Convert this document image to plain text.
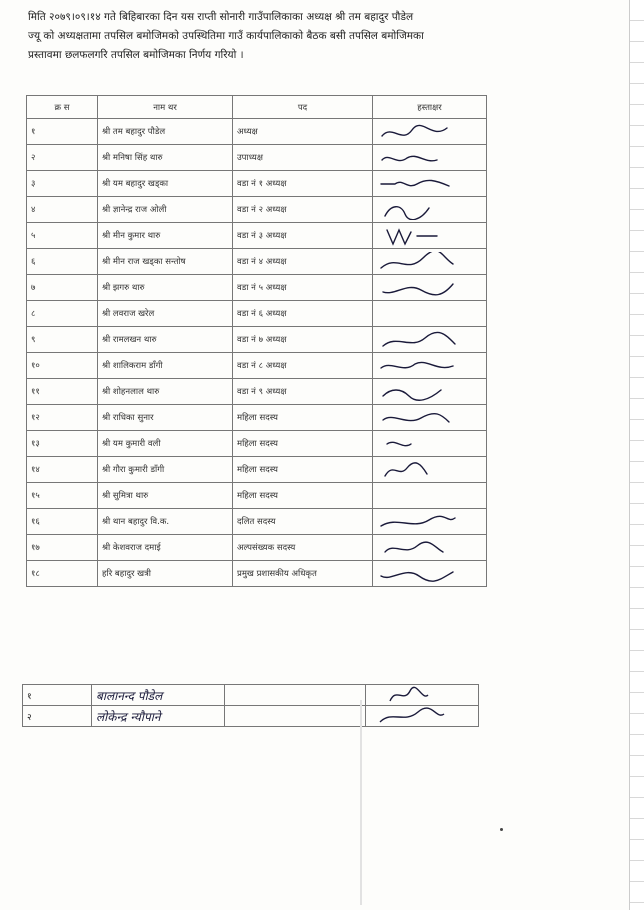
मिति २०७९।०९।१४ गते बिहिबारका दिन यस राप्ती सोनारी गाउँपालिकाका अध्यक्ष श्री तम बहादुर पौडेल
ज्यू को अध्यक्षतामा तपसिल बमोजिमको उपस्थितिमा गाउँ कार्यपालिकाको बैठक बसी तपसिल बमोजिमका
प्रस्तावमा छलफलगरि तपसिल बमोजिमका निर्णय गरियो ।
क्र स	नाम थर	पद	हस्ताक्षर
१	श्री तम बहादुर पौडेल	अध्यक्ष	

२	श्री मनिषा सिंह थारु	उपाध्यक्ष	

३	श्री यम बहादुर खड्का	वडा नं १ अध्यक्ष	

४	श्री ज्ञानेन्द्र राज ओली	वडा नं २ अध्यक्ष	

५	श्री मीन कुमार थारु	वडा नं ३ अध्यक्ष	

६	श्री मीन राज खड्का सन्तोष	वडा नं ४ अध्यक्ष	

७	श्री झगरु थारु	वडा नं ५ अध्यक्ष	

८	श्री लवराज खरेल	वडा नं ६ अध्यक्ष	
९	श्री रामलखन थारु	वडा नं ७ अध्यक्ष	

१०	श्री शालिकराम डाँगी	वडा नं ८ अध्यक्ष	

११	श्री शोहनलाल थारु	वडा नं ९ अध्यक्ष	

१२	श्री राधिका सुनार	महिला सदस्य	

१३	श्री यम कुमारी वली	महिला सदस्य	

१४	श्री गौरा कुमारी डाँगी	महिला सदस्य	

१५	श्री सुमित्रा थारु	महिला सदस्य	
१६	श्री थान बहादुर वि.क.	दलित सदस्य	

१७	श्री केशवराज दमाई	अल्पसंख्यक सदस्य	

१८	हरि बहादुर खत्री	प्रमुख प्रशासकीय अधिकृत	
१	बालानन्द पौडेल		

२	लोकेन्द्र न्यौपाने		
